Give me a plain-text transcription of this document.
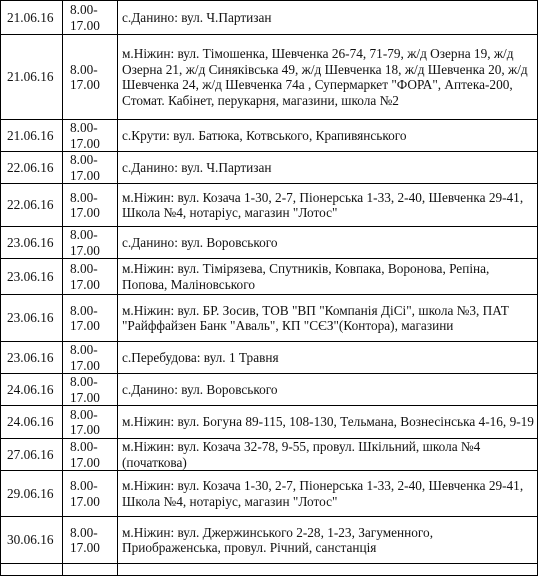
21.06.16	8.00-17.00	с.Данино: вул. Ч.Партизан
21.06.16	8.00-17.00	м.Ніжин: вул. Тімошенка, Шевченка 26-74, 71-79, ж/д Озерна 19, ж/д Озерна 21, ж/д Синяківська 49, ж/д Шевченка 18, ж/д Шевченка 20, ж/д Шевченка 24, ж/д Шевченка 74а , Супермаркет "ФОРА", Аптека-200, Стомат. Кабінет, перукарня, магазини, школа №2
21.06.16	8.00-17.00	с.Крути: вул. Батюка, Котвського, Крапивянського
22.06.16	8.00-17.00	с.Данино: вул. Ч.Партизан
22.06.16	8.00-17.00	м.Ніжин: вул. Козача 1-30, 2-7, Піонерська 1-33, 2-40, Шевченка 29-41, Школа №4, нотаріус, магазин "Лотос"
23.06.16	8.00-17.00	с.Данино: вул. Воровського
23.06.16	8.00-17.00	м.Ніжин: вул. Тімірязева, Спутників, Ковпака, Воронова, Репіна, Попова, Маліновського
23.06.16	8.00-17.00	м.Ніжин: вул. БР. Зосив, ТОВ "ВП "Компанія ДіСі", школа №3, ПАТ "Райффайзен Банк "Аваль", КП "СЄЗ"(Контора), магазини
23.06.16	8.00-17.00	с.Перебудова: вул. 1 Травня
24.06.16	8.00-17.00	с.Данино: вул. Воровського
24.06.16	8.00-17.00	м.Ніжин: вул. Богуна 89-115, 108-130, Тельмана, Вознесінська 4-16, 9-19
27.06.16	8.00-17.00	м.Ніжин: вул. Козача 32-78, 9-55, провул. Шкільний, школа №4 (початкова)
29.06.16	8.00-17.00	м.Ніжин: вул. Козача 1-30, 2-7, Піонерська 1-33, 2-40, Шевченка 29-41, Школа №4, нотаріус, магазин "Лотос"
30.06.16	8.00-17.00	м.Ніжин: вул. Джержинського 2-28, 1-23, Загуменного, Приображенська, провул. Річний, санстанція
